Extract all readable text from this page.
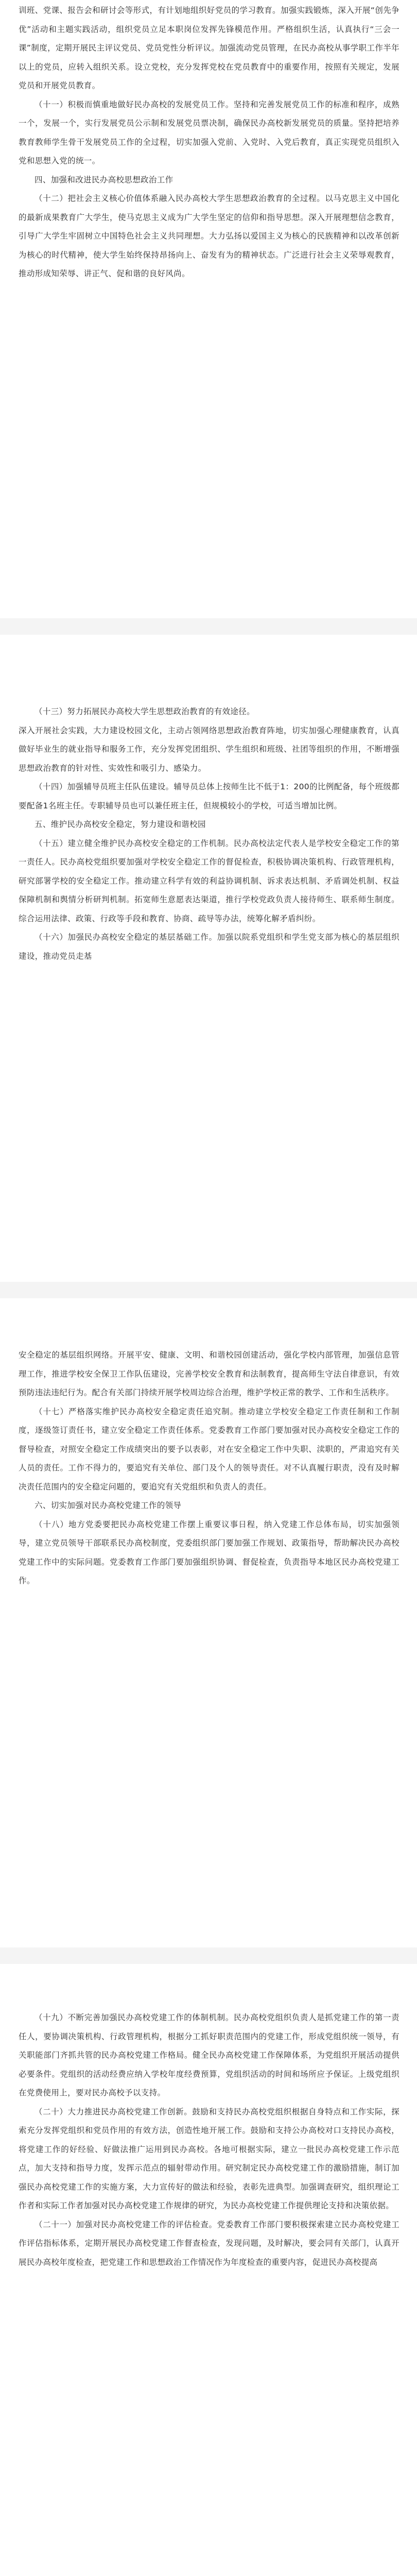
训班、党课、报告会和研讨会等形式，有计划地组织好党员的学习教育。加强实践锻炼，深入开展“创先争优”活动和主题实践活动，组织党员立足本职岗位发挥先锋模范作用。严格组织生活，认真执行“三会一课”制度，定期开展民主评议党员、党员党性分析评议。加强流动党员管理，在民办高校从事学职工作半年以上的党员，应转入组织关系。设立党校，充分发挥党校在党员教育中的重要作用，按照有关规定，发展党员和开展党员教育。

（十一）积极而慎重地做好民办高校的发展党员工作。坚持和完善发展党员工作的标准和程序，成熟一个，发展一个，实行发展党员公示制和发展党员票决制，确保民办高校新发展党员的质量。坚持把培养教育教师学生骨干发展党员工作的全过程，切实加强入党前、入党时、入党后教育，真正实现党员组织入党和思想入党的统一。

四、加强和改进民办高校思想政治工作

（十二）把社会主义核心价值体系融入民办高校大学生思想政治教育的全过程。以马克思主义中国化的最新成果教育广大学生，使马克思主义成为广大学生坚定的信仰和指导思想。深入开展理想信念教育，引导广大学生牢固树立中国特色社会主义共同理想。大力弘扬以爱国主义为核心的民族精神和以改革创新为核心的时代精神，使大学生始终保持昂扬向上、奋发有为的精神状态。广泛进行社会主义荣辱观教育，推动形成知荣辱、讲正气、促和谐的良好风尚。

（十三）努力拓展民办高校大学生思想政治教育的有效途径。

深入开展社会实践，大力建设校园文化，主动占领网络思想政治教育阵地，切实加强心理健康教育，认真做好毕业生的就业指导和服务工作，充分发挥党团组织、学生组织和班级、社团等组织的作用，不断增强思想政治教育的针对性、实效性和吸引力、感染力。

（十四）加强辅导员班主任队伍建设。辅导员总体上按师生比不低于1：200的比例配备，每个班级都要配备1名班主任。专职辅导员也可以兼任班主任，但规模较小的学校，可适当增加比例。

五、维护民办高校安全稳定，努力建设和谐校园

（十五）建立健全维护民办高校安全稳定的工作机制。民办高校法定代表人是学校安全稳定工作的第一责任人。民办高校党组织要加强对学校安全稳定工作的督促检查，积极协调决策机构、行政管理机构，研究部署学校的安全稳定工作。推动建立科学有效的利益协调机制、诉求表达机制、矛盾调处机制、权益保障机制和舆情分析研判机制。拓宽师生意愿表达渠道，推行学校党政负责人接待师生、联系师生制度。综合运用法律、政策、行政等手段和教育、协商、疏导等办法，统筹化解矛盾纠纷。

（十六）加强民办高校安全稳定的基层基础工作。加强以院系党组织和学生党支部为核心的基层组织建设，推动党员走基

安全稳定的基层组织网络。开展平安、健康、文明、和谐校园创建活动，强化学校内部管理，加强信息管理工作，推进学校安全保卫工作队伍建设，完善学校安全教育和法制教育，提高师生守法自律意识，有效预防违法违纪行为。配合有关部门持续开展学校周边综合治理，维护学校正常的教学、工作和生活秩序。

（十七）严格落实维护民办高校安全稳定责任追究制。推动建立学校安全稳定工作责任制和工作制度，逐级签订责任书，建立安全稳定工作责任体系。党委教育工作部门要加强对民办高校安全稳定工作的督导检查，对照安全稳定工作成绩突出的要予以表彰，对在安全稳定工作中失职、渎职的，严肃追究有关人员的责任。工作不得力的，要追究有关单位、部门及个人的领导责任。对不认真履行职责，没有及时解决责任范围内的安全稳定问题的，要追究有关党组织和负责人的责任。

六、切实加强对民办高校党建工作的领导

（十八）地方党委要把民办高校党建工作摆上重要议事日程，纳入党建工作总体布局，切实加强领导，建立党员领导干部联系民办高校制度，党委组织部门要加强工作规划、政策指导，帮助解决民办高校党建工作中的实际问题。党委教育工作部门要加强组织协调、督促检查，负责指导本地区民办高校党建工作。

（十九）不断完善加强民办高校党建工作的体制机制。民办高校党组织负责人是抓党建工作的第一责任人，要协调决策机构、行政管理机构，根据分工抓好职责范围内的党建工作，形成党组织统一领导，有关职能部门齐抓共管的民办高校党建工作格局。健全民办高校党建工作保障体系，为党组织开展活动提供必要条件。党组织的活动经费应纳入学校年度经费预算，党组织活动的时间和场所应予保证。上级党组织在党费使用上，要对民办高校予以支持。

（二十）大力推进民办高校党建工作创新。鼓励和支持民办高校党组织根据自身特点和工作实际，探索充分发挥党组织和党员作用的有效方法，创造性地开展工作。鼓励和支持公办高校对口支持民办高校，将党建工作的好经验、好做法推广运用到民办高校。各地可根据实际，建立一批民办高校党建工作示范点，加大支持和指导力度，发挥示范点的辐射带动作用。研究制定民办高校党建工作的激励措施，制订加强民办高校党建工作的实施方案，大力宣传好的做法和经验，表彰先进典型。加强调查研究，组织理论工作者和实际工作者加强对民办高校党建工作规律的研究，为民办高校党建工作提供理论支持和决策依据。

（二十一）加强对民办高校党建工作的评估检查。党委教育工作部门要积极探索建立民办高校党建工作评估指标体系，定期开展民办高校党建工作督查检查，发现问题，及时解决，要会同有关部门，认真开展民办高校年度检查，把党建工作和思想政治工作情况作为年度检查的重要内容，促进民办高校提高
